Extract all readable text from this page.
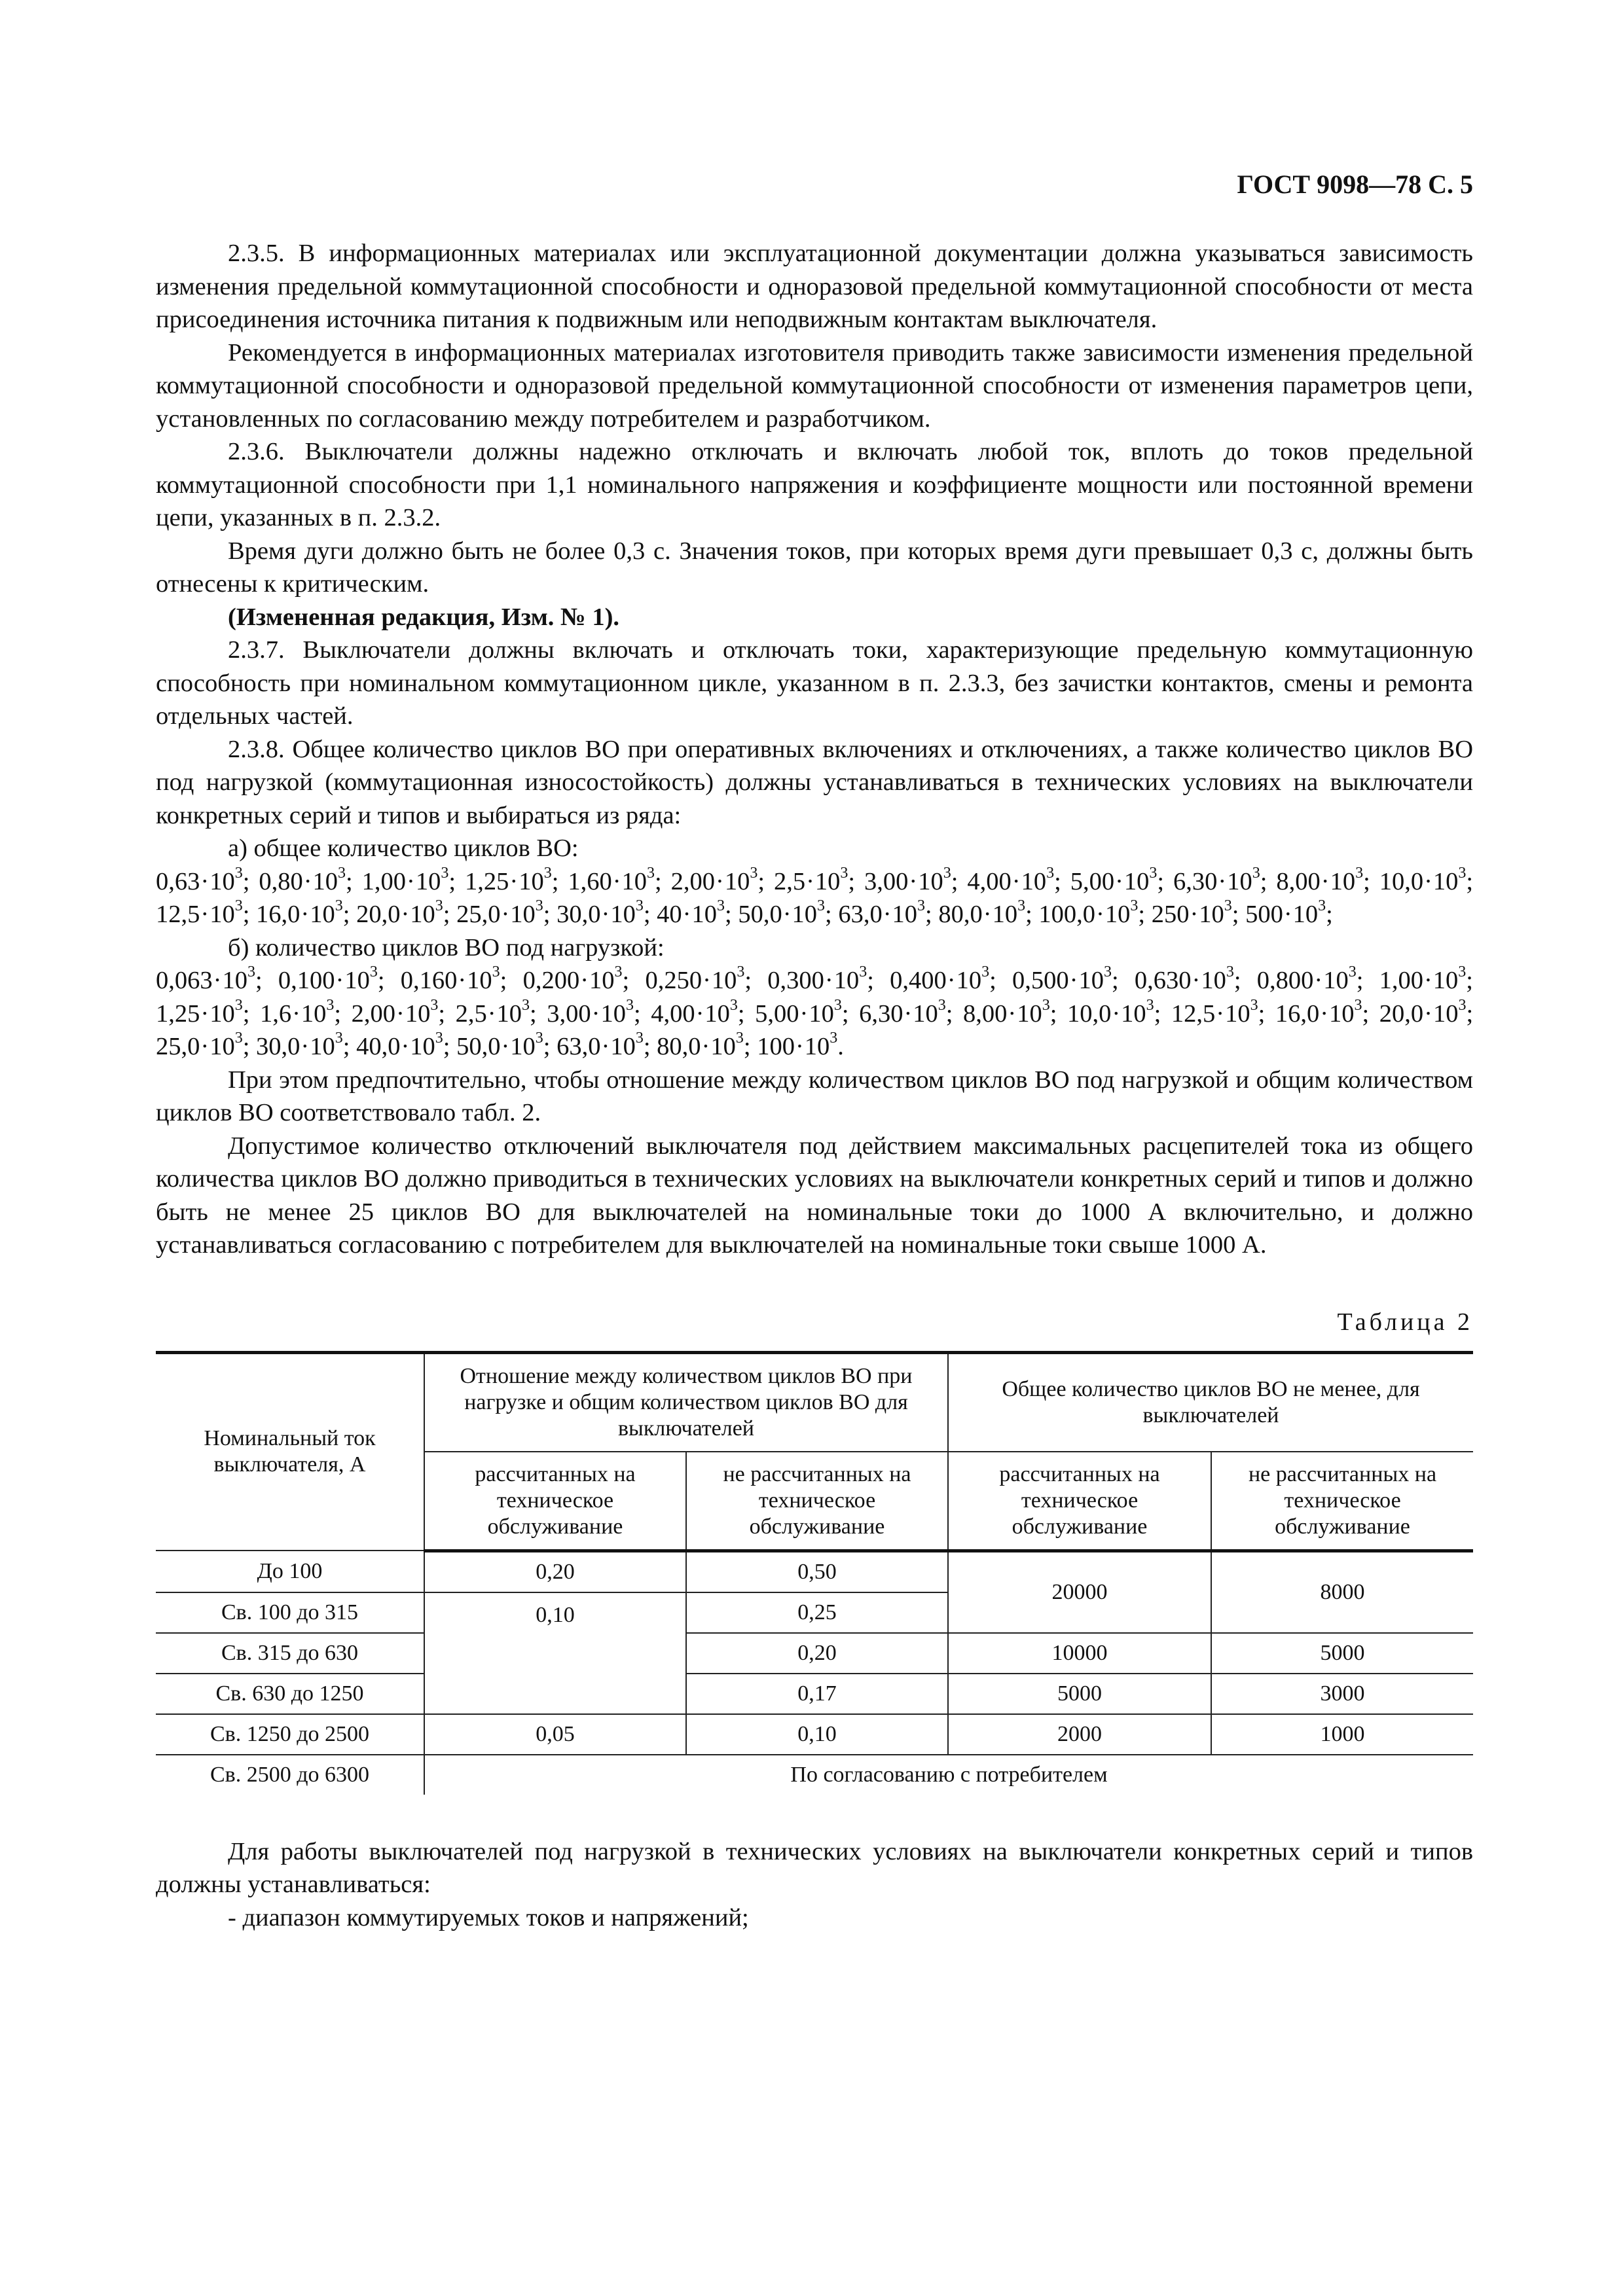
ГОСТ 9098—78 С. 5

2.3.5. В информационных материалах или эксплуатационной документации должна указываться зависимость изменения предельной коммутационной способности и одноразовой предельной коммутационной способности от места присоединения источника питания к подвижным или неподвижным контактам выключателя.

Рекомендуется в информационных материалах изготовителя приводить также зависимости изменения предельной коммутационной способности и одноразовой предельной коммутационной способности от изменения параметров цепи, установленных по согласованию между потребителем и разработчиком.

2.3.6. Выключатели должны надежно отключать и включать любой ток, вплоть до токов предельной коммутационной способности при 1,1 номинального напряжения и коэффициенте мощности или постоянной времени цепи, указанных в п. 2.3.2.

Время дуги должно быть не более 0,3 с. Значения токов, при которых время дуги превышает 0,3 с, должны быть отнесены к критическим.

(Измененная редакция, Изм. № 1).

2.3.7. Выключатели должны включать и отключать токи, характеризующие предельную коммутационную способность при номинальном коммутационном цикле, указанном в п. 2.3.3, без зачистки контактов, смены и ремонта отдельных частей.

2.3.8. Общее количество циклов ВО при оперативных включениях и отключениях, а также количество циклов ВО под нагрузкой (коммутационная износостойкость) должны устанавливаться в технических условиях на выключатели конкретных серий и типов и выбираться из ряда:

а) общее количество циклов ВО:

$0,63\cdot 10^3$; $0,80\cdot 10^3$; $1,00\cdot 10^3$; $1,25\cdot 10^3$; $1,60\cdot 10^3$; $2,00\cdot 10^3$; $2,5\cdot 10^3$; $3,00\cdot 10^3$; $4,00\cdot 10^3$; $5,00\cdot 10^3$; $6,30\cdot 10^3$; $8,00\cdot 10^3$; $10,0\cdot 10^3$; $12,5\cdot 10^3$; $16,0\cdot 10^3$; $20,0\cdot 10^3$; $25,0\cdot 10^3$; $30,0\cdot 10^3$; $40\cdot 10^3$; $50,0\cdot 10^3$; $63,0\cdot 10^3$; $80,0\cdot 10^3$; $100,0\cdot 10^3$; $250\cdot 10^3$; $500\cdot 10^3$;

б) количество циклов ВО под нагрузкой:

$0,063\cdot 10^3$; $0,100\cdot 10^3$; $0,160\cdot 10^3$; $0,200\cdot 10^3$; $0,250\cdot 10^3$; $0,300\cdot 10^3$; $0,400\cdot 10^3$; $0,500\cdot 10^3$; $0,630\cdot 10^3$; $0,800\cdot 10^3$; $1,00\cdot 10^3$; $1,25\cdot 10^3$; $1,6\cdot 10^3$; $2,00\cdot 10^3$; $2,5\cdot 10^3$; $3,00\cdot 10^3$; $4,00\cdot 10^3$; $5,00\cdot 10^3$; $6,30\cdot 10^3$; $8,00\cdot 10^3$; $10,0\cdot 10^3$; $12,5\cdot 10^3$; $16,0\cdot 10^3$; $20,0\cdot 10^3$; $25,0\cdot 10^3$; $30,0\cdot 10^3$; $40,0\cdot 10^3$; $50,0\cdot 10^3$; $63,0\cdot 10^3$; $80,0\cdot 10^3$; $100\cdot 10^3$.

При этом предпочтительно, чтобы отношение между количеством циклов ВО под нагрузкой и общим количеством циклов ВО соответствовало табл. 2.

Допустимое количество отключений выключателя под действием максимальных расцепителей тока из общего количества циклов ВО должно приводиться в технических условиях на выключатели конкретных серий и типов и должно быть не менее 25 циклов ВО для выключателей на номинальные токи до 1000 А включительно, и должно устанавливаться согласованию с потребителем для выключателей на номинальные токи свыше 1000 А.

Таблица 2
Номинальный ток выключателя, А	Отношение между количеством циклов ВО при нагрузке и общим количеством циклов ВО для выключателей		Общее количество циклов ВО не менее, для выключателей	
	рассчитанных на техническое обслуживание	не рассчитанных на техническое обслуживание	рассчитанных на техническое обслуживание	не рассчитанных на техническое обслуживание
До 100	0,20	0,50	20000	8000
Св. 100 до 315	0,10	0,25		
Св. 315 до 630		0,20	10000	5000
Св. 630 до 1250		0,17	5000	3000
Св. 1250 до 2500	0,05	0,10	2000	1000
Св. 2500 до 6300	По согласованию с потребителем			

Для работы выключателей под нагрузкой в технических условиях на выключатели конкретных серий и типов должны устанавливаться:

- диапазон коммутируемых токов и напряжений;
